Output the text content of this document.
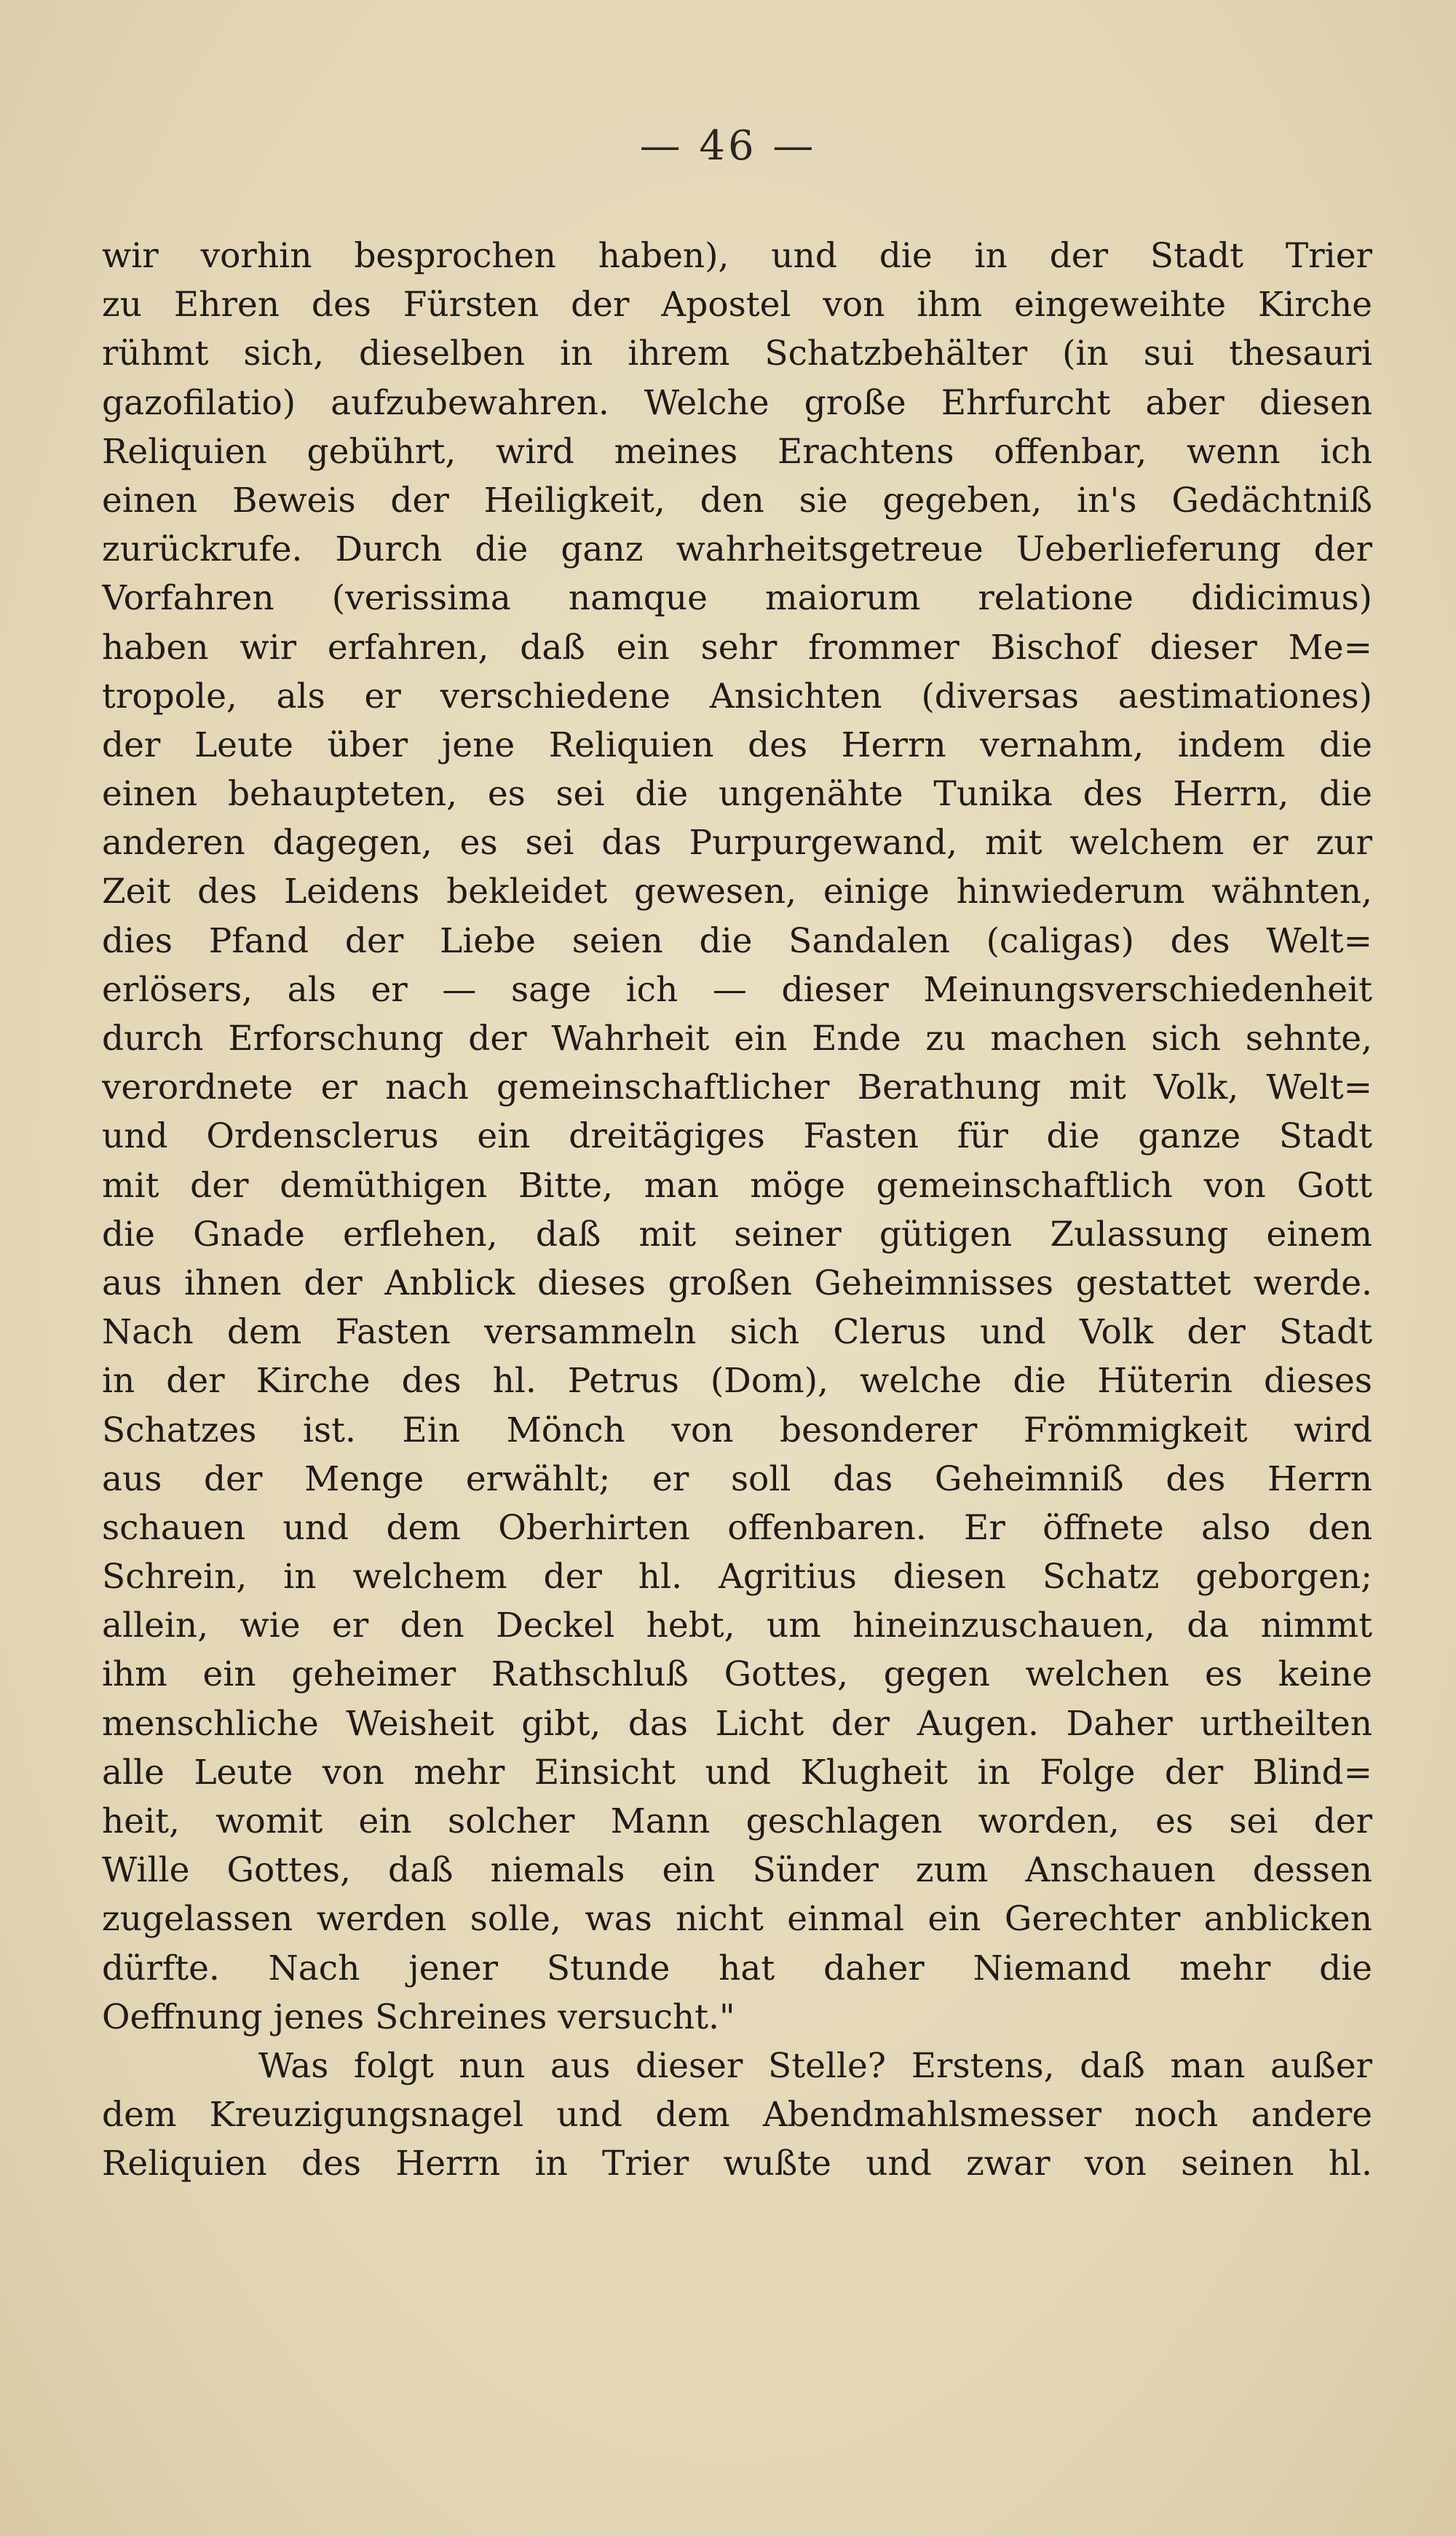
— 46 —
wir vorhin besprochen haben), und die in der Stadt Trier
zu Ehren des Fürsten der Apostel von ihm eingeweihte Kirche
rühmt sich, dieselben in ihrem Schatzbehälter (in sui thesauri
gazofilatio) aufzubewahren. Welche große Ehrfurcht aber diesen
Reliquien gebührt, wird meines Erachtens offenbar, wenn ich
einen Beweis der Heiligkeit, den sie gegeben, in's Gedächtniß
zurückrufe. Durch die ganz wahrheitsgetreue Ueberlieferung der
Vorfahren (verissima namque maiorum relatione didicimus)
haben wir erfahren, daß ein sehr frommer Bischof dieser Me=
tropole, als er verschiedene Ansichten (diversas aestimationes)
der Leute über jene Reliquien des Herrn vernahm, indem die
einen behaupteten, es sei die ungenähte Tunika des Herrn, die
anderen dagegen, es sei das Purpurgewand, mit welchem er zur
Zeit des Leidens bekleidet gewesen, einige hinwiederum wähnten,
dies Pfand der Liebe seien die Sandalen (caligas) des Welt=
erlösers, als er — sage ich — dieser Meinungsverschiedenheit
durch Erforschung der Wahrheit ein Ende zu machen sich sehnte,
verordnete er nach gemeinschaftlicher Berathung mit Volk, Welt=
und Ordensclerus ein dreitägiges Fasten für die ganze Stadt
mit der demüthigen Bitte, man möge gemeinschaftlich von Gott
die Gnade erflehen, daß mit seiner gütigen Zulassung einem
aus ihnen der Anblick dieses großen Geheimnisses gestattet werde.
Nach dem Fasten versammeln sich Clerus und Volk der Stadt
in der Kirche des hl. Petrus (Dom), welche die Hüterin dieses
Schatzes ist. Ein Mönch von besonderer Frömmigkeit wird
aus der Menge erwählt; er soll das Geheimniß des Herrn
schauen und dem Oberhirten offenbaren. Er öffnete also den
Schrein, in welchem der hl. Agritius diesen Schatz geborgen;
allein, wie er den Deckel hebt, um hineinzuschauen, da nimmt
ihm ein geheimer Rathschluß Gottes, gegen welchen es keine
menschliche Weisheit gibt, das Licht der Augen. Daher urtheilten
alle Leute von mehr Einsicht und Klugheit in Folge der Blind=
heit, womit ein solcher Mann geschlagen worden, es sei der
Wille Gottes, daß niemals ein Sünder zum Anschauen dessen
zugelassen werden solle, was nicht einmal ein Gerechter anblicken
dürfte. Nach jener Stunde hat daher Niemand mehr die
Oeffnung jenes Schreines versucht."
Was folgt nun aus dieser Stelle? Erstens, daß man außer
dem Kreuzigungsnagel und dem Abendmahlsmesser noch andere
Reliquien des Herrn in Trier wußte und zwar von seinen hl.
